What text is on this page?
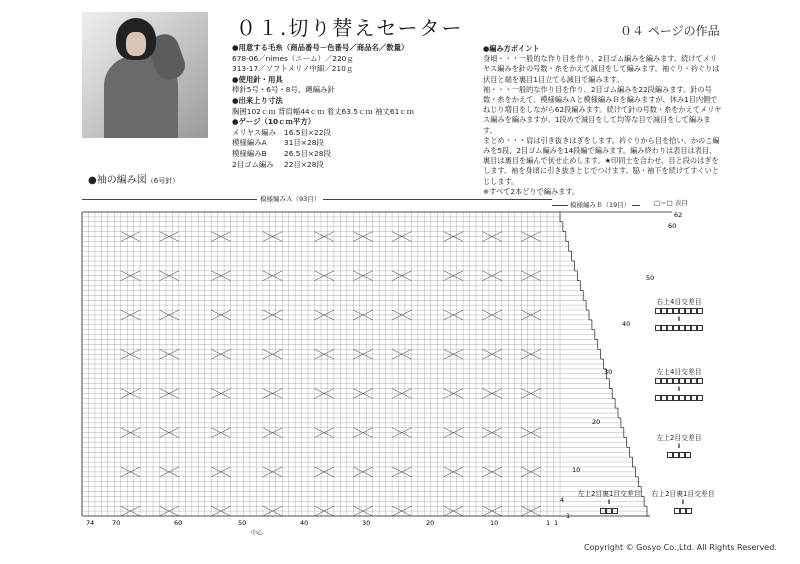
０１.切り替えセーター	０４ ページの作品
●用意する毛糸（商品番号－色番号／商品名／数量）
678-06／nimes（ニーム）／220ｇ
313-17／ソフトメリノ中細／210ｇ
●使用針・用具
棒針5号・6号・8号、縄編み針
●出来上り寸法
胸囲102ｃｍ 背肩幅44ｃｍ 着丈63.5ｃｍ 袖丈61ｃｍ
●ゲージ（10ｃｍ平方）
メリヤス編み	16.5目×22段
模様編みA	31目×28段
模様編みB	26.5目×28段
2目ゴム編み	22目×28段
●編み方ポイント
身頃・・・一般的な作り目を作り、2目ゴム編みを編みます。続けてメリヤス編みを針の号数・糸をかえて減目をして編みます。袖ぐり・衿ぐりは伏目と端を裏目1目立てる減目で編みます。
袖・・・一般的な作り目を作り、2目ゴム編みを22段編みます。針の号数・糸をかえて、模様編みＡと模様編みＢを編みますが、休み1目内側でねじり増目をしながら62段編みます。続けて針の号数・糸をかえてメリヤス編みを編みますが、1段めで減目をして均等な目で減目をして編みます。
まとめ・・・肩は引き抜きはぎをします。衿ぐりから目を拾い、かのこ編みを5段、2目ゴム編みを14段編で編みます。編み終わりは表目は表目、裏目は裏目を編んで伏せ止めします。★印同士を合わせ、目と段のはぎをします。袖を身頃に引き抜きとじでつけます。脇・袖下を続けてすくいとじします。
※すべて2本どりで編みます。
●袖の編み図（6号針）
模様編みＡ（93目）
模様編みＢ（19目）	□＝□ 表目
74	70	60	50	40	30	20	10	1 1
62
60
50
40
30
20
10
4
1
中心
右上4目交差目
Ⅱ
左上4目交差目
Ⅱ
左上2目交差目
Ⅱ
左上2目裏1目交差目
Ⅱ
右上2目裏1目交差目
Ⅱ
Copyright © Gosyo Co.,Ltd. All Rights Reserved.
